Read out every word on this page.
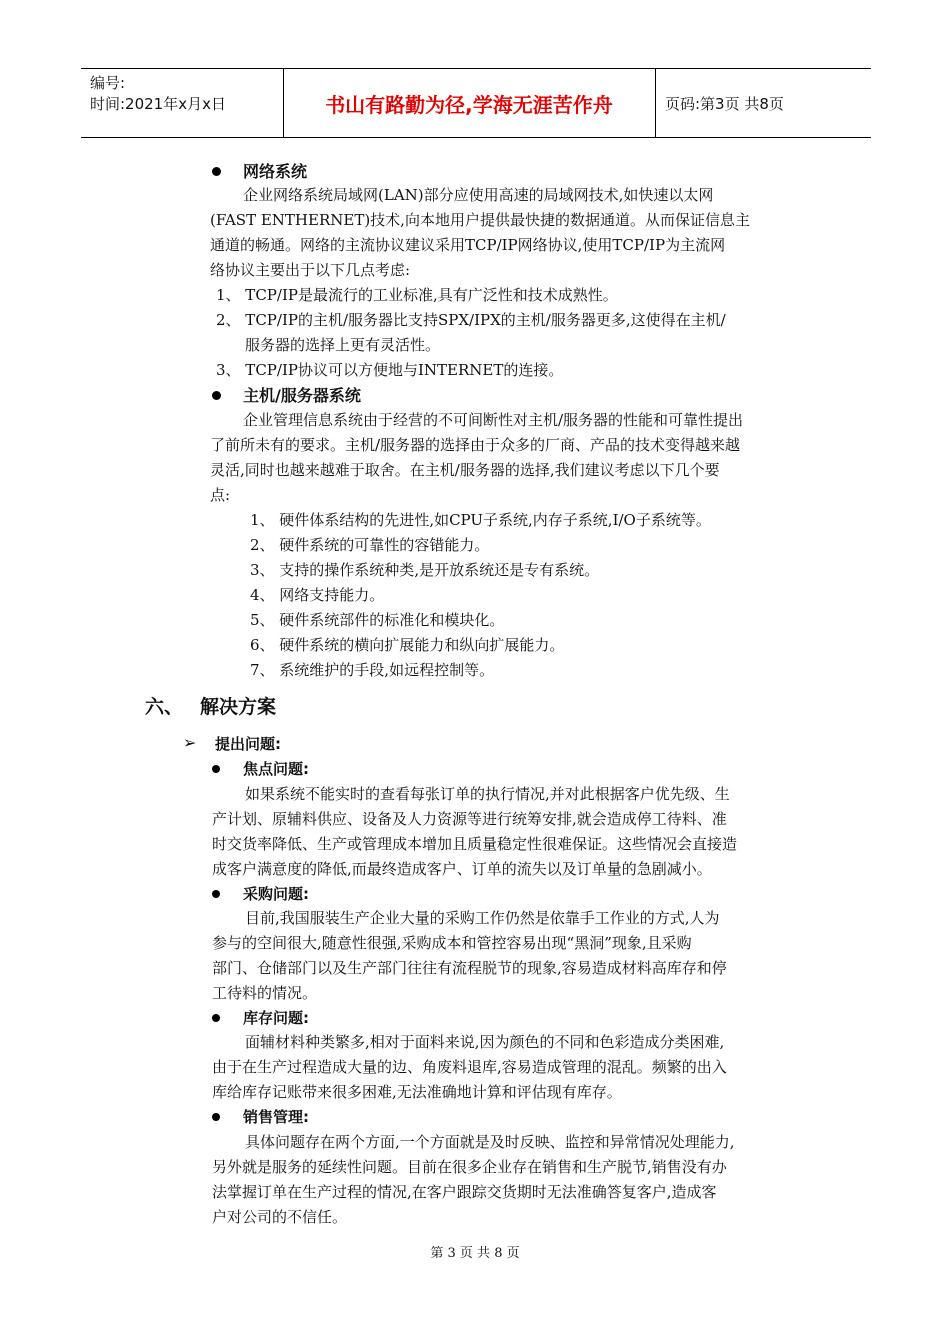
编号:
时间:2021年x月x日	书山有路勤为径,学海无涯苦作舟	页码:第3页 共8页
网络系统
企业网络系统局域网(LAN)部分应使用高速的局域网技术,如快速以太网
(FAST ENTHERNET)技术,向本地用户提供最快捷的数据通道。从而保证信息主
通道的畅通。网络的主流协议建议采用TCP/IP网络协议,使用TCP/IP为主流网
络协议主要出于以下几点考虑:
1、 TCP/IP是最流行的工业标准,具有广泛性和技术成熟性。
2、 TCP/IP的主机/服务器比支持SPX/IPX的主机/服务器更多,这使得在主机/
服务器的选择上更有灵活性。
3、 TCP/IP协议可以方便地与INTERNET的连接。
主机/服务器系统
企业管理信息系统由于经营的不可间断性对主机/服务器的性能和可靠性提出
了前所未有的要求。主机/服务器的选择由于众多的厂商、产品的技术变得越来越
灵活,同时也越来越难于取舍。在主机/服务器的选择,我们建议考虑以下几个要
点:
1、 硬件体系结构的先进性,如CPU子系统,内存子系统,I/O子系统等。
2、 硬件系统的可靠性的容错能力。
3、 支持的操作系统种类,是开放系统还是专有系统。
4、 网络支持能力。
5、 硬件系统部件的标准化和模块化。
6、 硬件系统的横向扩展能力和纵向扩展能力。
7、 系统维护的手段,如远程控制等。
六、 解决方案
➢ 提出问题:
焦点问题:
如果系统不能实时的查看每张订单的执行情况,并对此根据客户优先级、生
产计划、原辅料供应、设备及人力资源等进行统筹安排,就会造成停工待料、准
时交货率降低、生产或管理成本增加且质量稳定性很难保证。这些情况会直接造
成客户满意度的降低,而最终造成客户、订单的流失以及订单量的急剧减小。
采购问题:
目前,我国服装生产企业大量的采购工作仍然是依靠手工作业的方式,人为
参与的空间很大,随意性很强,采购成本和管控容易出现“黑洞”现象,且采购
部门、仓储部门以及生产部门往往有流程脱节的现象,容易造成材料高库存和停
工待料的情况。
库存问题:
面辅材料种类繁多,相对于面料来说,因为颜色的不同和色彩造成分类困难,
由于在生产过程造成大量的边、角废料退库,容易造成管理的混乱。频繁的出入
库给库存记账带来很多困难,无法准确地计算和评估现有库存。
销售管理:
具体问题存在两个方面,一个方面就是及时反映、监控和异常情况处理能力,
另外就是服务的延续性问题。目前在很多企业存在销售和生产脱节,销售没有办
法掌握订单在生产过程的情况,在客户跟踪交货期时无法准确答复客户,造成客
户对公司的不信任。
第 3 页 共 8 页
